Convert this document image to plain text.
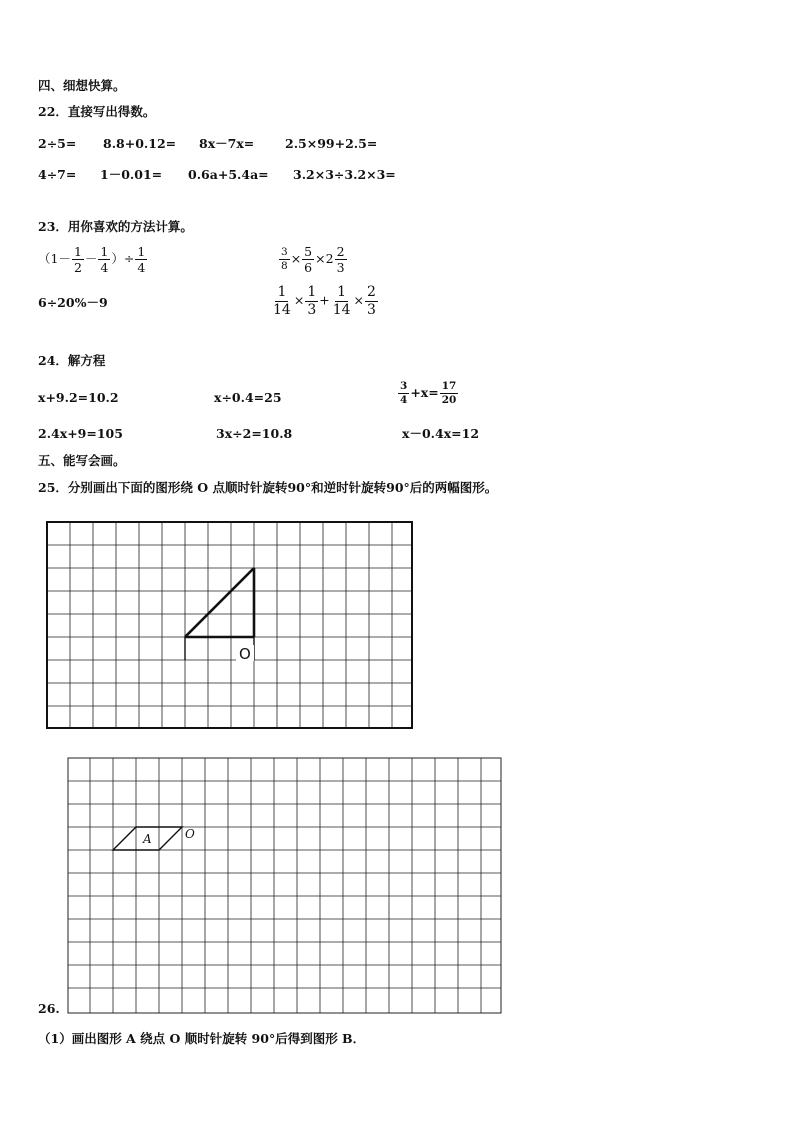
四、细想快算。
22．直接写出得数。
2÷5= 8.8+0.12= 8x－7x= 2.5×99+2.5=
4÷7= 1－0.01= 0.6a+5.4a= 3.2×3÷3.2×3=
23．用你喜欢的方法计算。
（$1- \frac{1}{2} - \frac{1}{4}$ ）÷ $\frac{1}{4}$	$\frac{3}{8} \times \frac{5}{6} \times 2 \frac{2}{3}$
6÷20%－9	$\frac{1}{14} \times \frac{1}{3} + \frac{1}{14} \times \frac{2}{3}$
24．解方程
x+9.2=10.2	x÷0.4=25	$\frac{3}{4} +x= \frac{17}{20}$
2.4x+9=105	3x÷2=10.8	x－0.4x=12
五、能写会画。
25．分别画出下面的图形绕 O 点顺时针旋转90°和逆时针旋转90°后的两幅图形。
O
A	O
26.
（1）画出图形 A 绕点 O 顺时针旋转 90°后得到图形 B．
